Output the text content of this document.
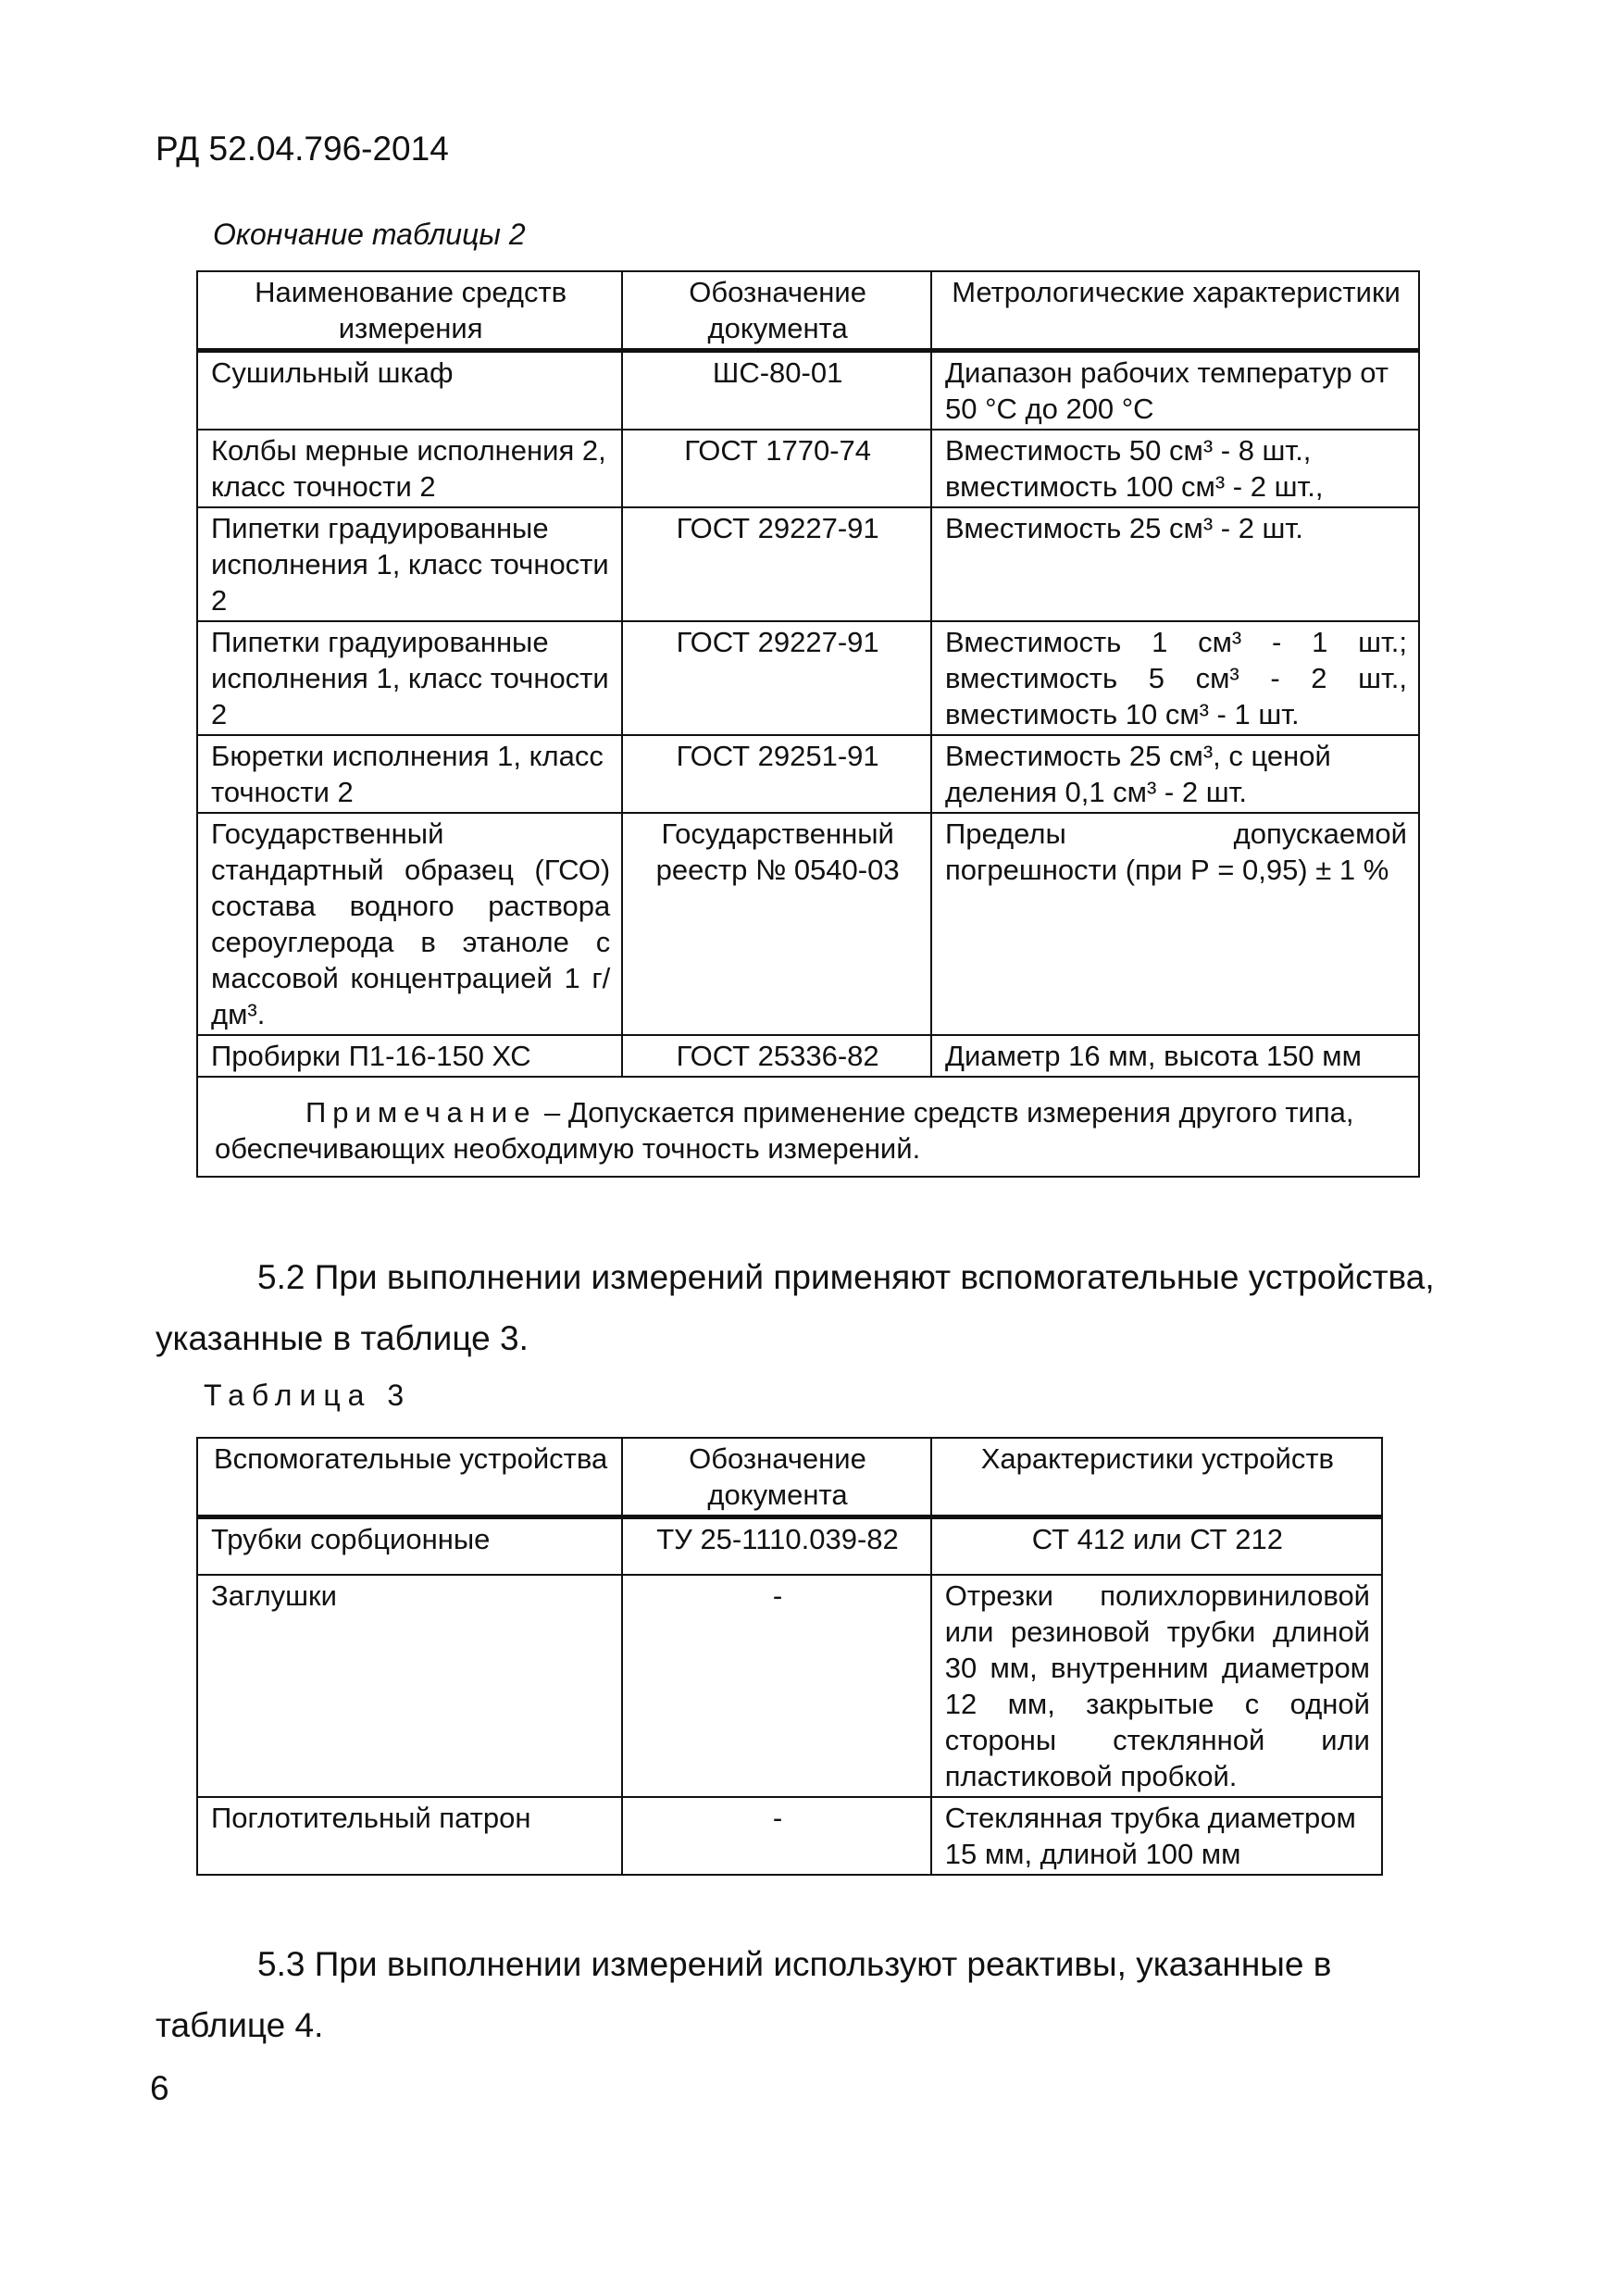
РД 52.04.796-2014
Окончание таблицы 2
Наименование средств измерения	Обозначение документа	Метрологические характеристики
Сушильный шкаф	ШС-80-01	Диапазон рабочих температур от 50 °С до 200 °С
Колбы мерные исполнения 2, класс точности 2	ГОСТ 1770-74	Вместимость 50 см³ - 8 шт., вместимость 100 см³ - 2 шт.,
Пипетки градуированные исполнения 1, класс точности 2	ГОСТ 29227-91	Вместимость 25 см³ - 2 шт.
Пипетки градуированные исполнения 1, класс точности 2	ГОСТ 29227-91	Вместимость 1 см³ - 1 шт.; вместимость 5 см³ - 2 шт., вместимость 10 см³ - 1 шт.
Бюретки исполнения 1, класс точности 2	ГОСТ 29251-91	Вместимость 25 см³, с ценой деления 0,1 см³ - 2 шт.
Государственный стандартный образец (ГСО) состава водного раствора сероуглерода в этаноле с массовой концентрацией 1 г/дм³.	Государственный реестр № 0540-03	Пределы допускаемой погрешности (при Р = 0,95) ± 1 %
Пробирки П1-16-150 ХС	ГОСТ 25336-82	Диаметр 16 мм, высота 150 мм
Примечание – Допускается применение средств измерения другого типа, обеспечивающих необходимую точность измерений.		
5.2 При выполнении измерений применяют вспомогательные устройства, указанные в таблице 3.
Таблица 3
Вспомогательные устройства	Обозначение документа	Характеристики устройств
Трубки сорбционные	ТУ 25-1110.039-82	СТ 412 или СТ 212
Заглушки	-	Отрезки полихлорвиниловой или резиновой трубки длиной 30 мм, внутренним диаметром 12 мм, закрытые с одной стороны стеклянной или пластиковой пробкой.
Поглотительный патрон	-	Стеклянная трубка диаметром 15 мм, длиной 100 мм
5.3 При выполнении измерений используют реактивы, указанные в таблице 4.
6
